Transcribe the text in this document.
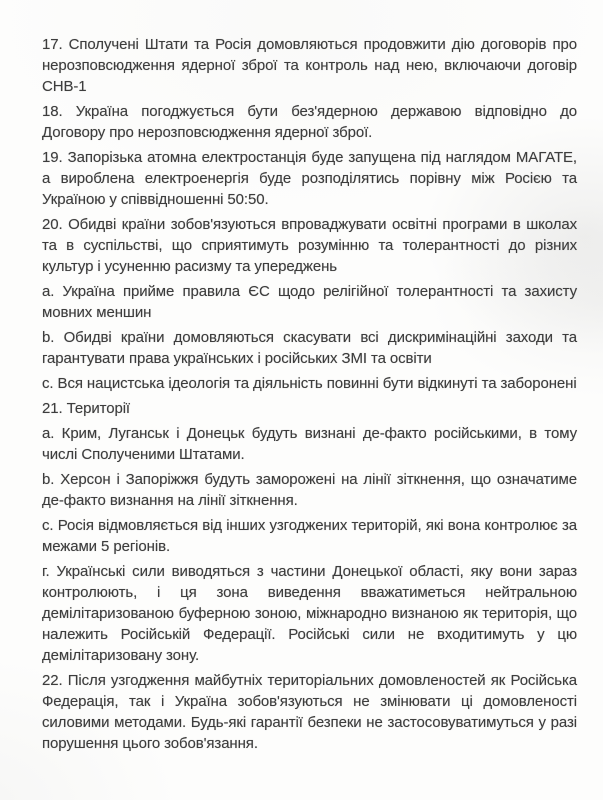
17. Сполучені Штати та Росія домовляються продовжити дію договорів про нерозповсюдження ядерної зброї та контроль над нею, включаючи договір СНВ-1

18. Україна погоджується бути без'ядерною державою відповідно до Договору про нерозповсюдження ядерної зброї.

19. Запорізька атомна електростанція буде запущена під наглядом МАГАТЕ, а вироблена електроенергія буде розподілятись порівну між Росією та Україною у співвідношенні 50:50.

20. Обидві країни зобов'язуються впроваджувати освітні програми в школах та в суспільстві, що сприятимуть розумінню та толерантності до різних культур і усуненню расизму та упереджень

a. Україна прийме правила ЄС щодо релігійної толерантності та захисту мовних меншин

b. Обидві країни домовляються скасувати всі дискримінаційні заходи та гарантувати права українських і російських ЗМІ та освіти

c. Вся нацистська ідеологія та діяльність повинні бути відкинуті та заборонені

21. Території

a. Крим, Луганськ і Донецьк будуть визнані де-факто російськими, в тому числі Сполученими Штатами.

b. Херсон і Запоріжжя будуть заморожені на лінії зіткнення, що означатиме де-факто визнання на лінії зіткнення.

c. Росія відмовляється від інших узгоджених територій, які вона контролює за межами 5 регіонів.

г. Українські сили виводяться з частини Донецької області, яку вони зараз контролюють, і ця зона виведення вважатиметься нейтральною демілітаризованою буферною зоною, міжнародно визнаною як територія, що належить Російській Федерації. Російські сили не входитимуть у цю демілітаризовану зону.

22. Після узгодження майбутніх територіальних домовленостей як Російська Федерація, так і Україна зобов'язуються не змінювати ці домовленості силовими методами. Будь-які гарантії безпеки не застосовуватимуться у разі порушення цього зобов'язання.
